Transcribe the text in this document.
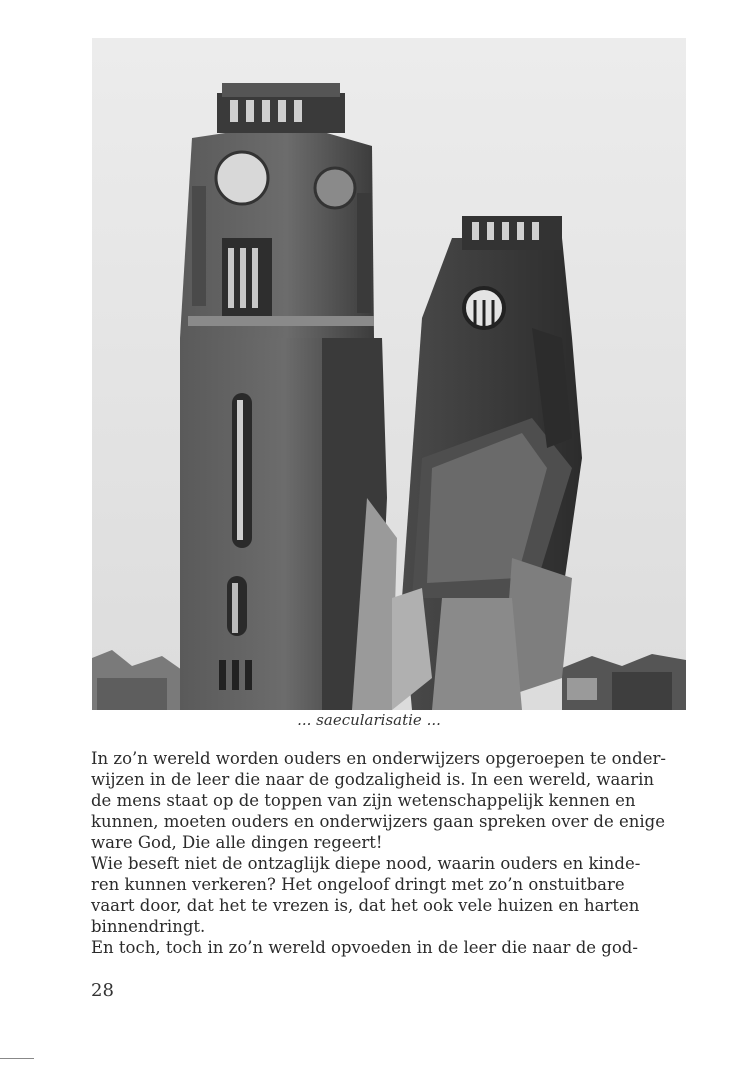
... saecularisatie ...
In zo’n wereld worden ouders en onderwijzers opgeroepen te onder-
wijzen in de leer die naar de godzaligheid is. In een wereld, waarin
de mens staat op de toppen van zijn wetenschappelijk kennen en
kunnen, moeten ouders en onderwijzers gaan spreken over de enige
ware God, Die alle dingen regeert!
Wie beseft niet de ontzaglijk diepe nood, waarin ouders en kinde-
ren kunnen verkeren? Het ongeloof dringt met zo’n onstuitbare
vaart door, dat het te vrezen is, dat het ook vele huizen en harten
binnendringt.
En toch, toch in zo’n wereld opvoeden in de leer die naar de god-
28
